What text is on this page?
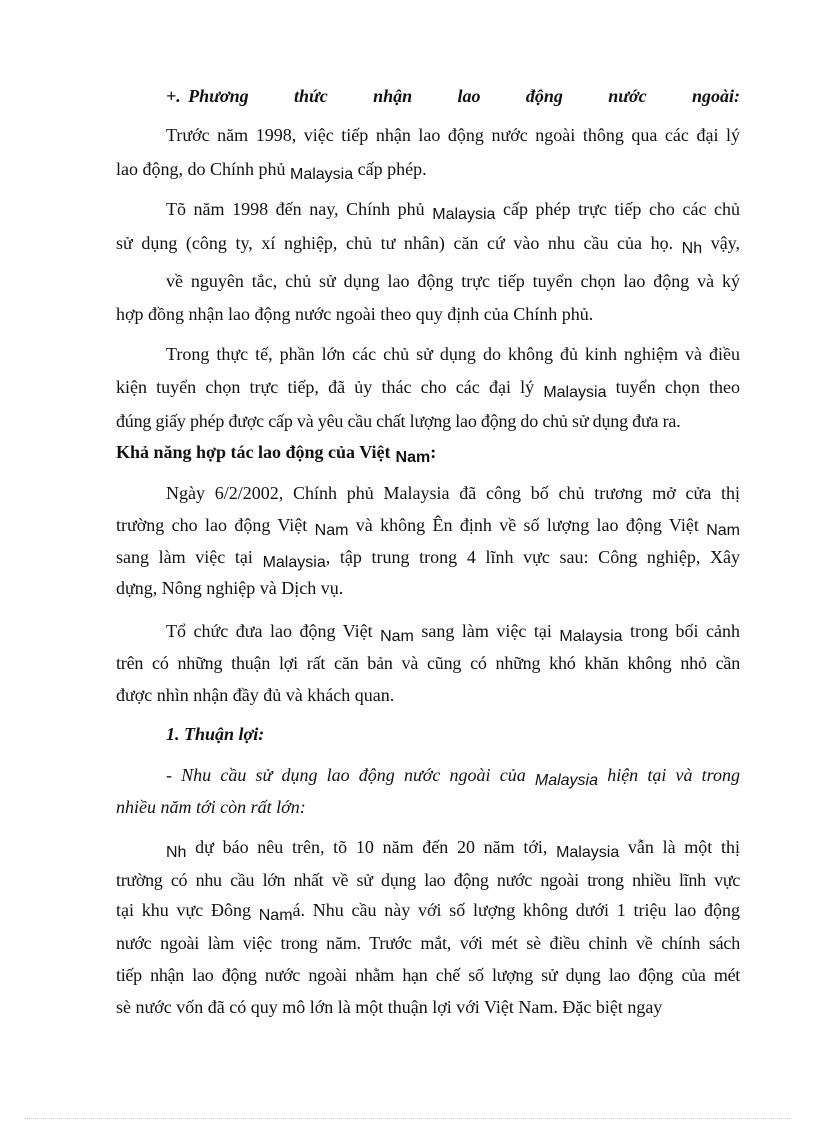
+. Phương thức nhận lao động nước ngoài:
Trước năm 1998, việc tiếp nhận lao động nước ngoài thông qua các đại lý
lao động, do Chính phủ Malaysia cấp phép.
Tõ năm 1998 đến nay, Chính phủ Malaysia cấp phép trực tiếp cho các chủ
sử dụng (công ty, xí nghiệp, chủ tư nhân) căn cứ vào nhu cầu của họ. Nh vậy,
về nguyên tắc, chủ sử dụng lao động trực tiếp tuyển chọn lao động và ký
hợp đồng nhận lao động nước ngoài theo quy định của Chính phủ.
Trong thực tế, phần lớn các chủ sử dụng do không đủ kinh nghiệm và điều
kiện tuyển chọn trực tiếp, đã ủy thác cho các đại lý Malaysia tuyển chọn theo
đúng giấy phép được cấp và yêu cầu chất lượng lao động do chủ sử dụng đưa ra.
Khả năng hợp tác lao động của Việt Nam:
Ngày 6/2/2002, Chính phủ Malaysia đã công bố chủ trương mở cửa thị
trường cho lao động Việt Nam và không Ên định về số lượng lao động Việt Nam
sang làm việc tại Malaysia, tập trung trong 4 lĩnh vực sau: Công nghiệp, Xây
dựng, Nông nghiệp và Dịch vụ.
Tổ chức đưa lao động Việt Nam sang làm việc tại Malaysia trong bối cảnh
trên có những thuận lợi rất căn bản và cũng có những khó khăn không nhỏ cần
được nhìn nhận đầy đủ và khách quan.
1. Thuận lợi:
- Nhu cầu sử dụng lao động nước ngoài của Malaysia hiện tại và trong
nhiều năm tới còn rất lớn:
Nh dự báo nêu trên, tõ 10 năm đến 20 năm tới, Malaysia vẫn là một thị
trường có nhu cầu lớn nhất về sử dụng lao động nước ngoài trong nhiều lĩnh vực
tại khu vực Đông Namá. Nhu cầu này với số lượng không dưới 1 triệu lao động
nước ngoài làm việc trong năm. Trước mắt, với mét sè điều chỉnh về chính sách
tiếp nhận lao động nước ngoài nhằm hạn chế số lượng sử dụng lao động của mét
sè nước vốn đã có quy mô lớn là một thuận lợi với Việt Nam. Đặc biệt ngay
